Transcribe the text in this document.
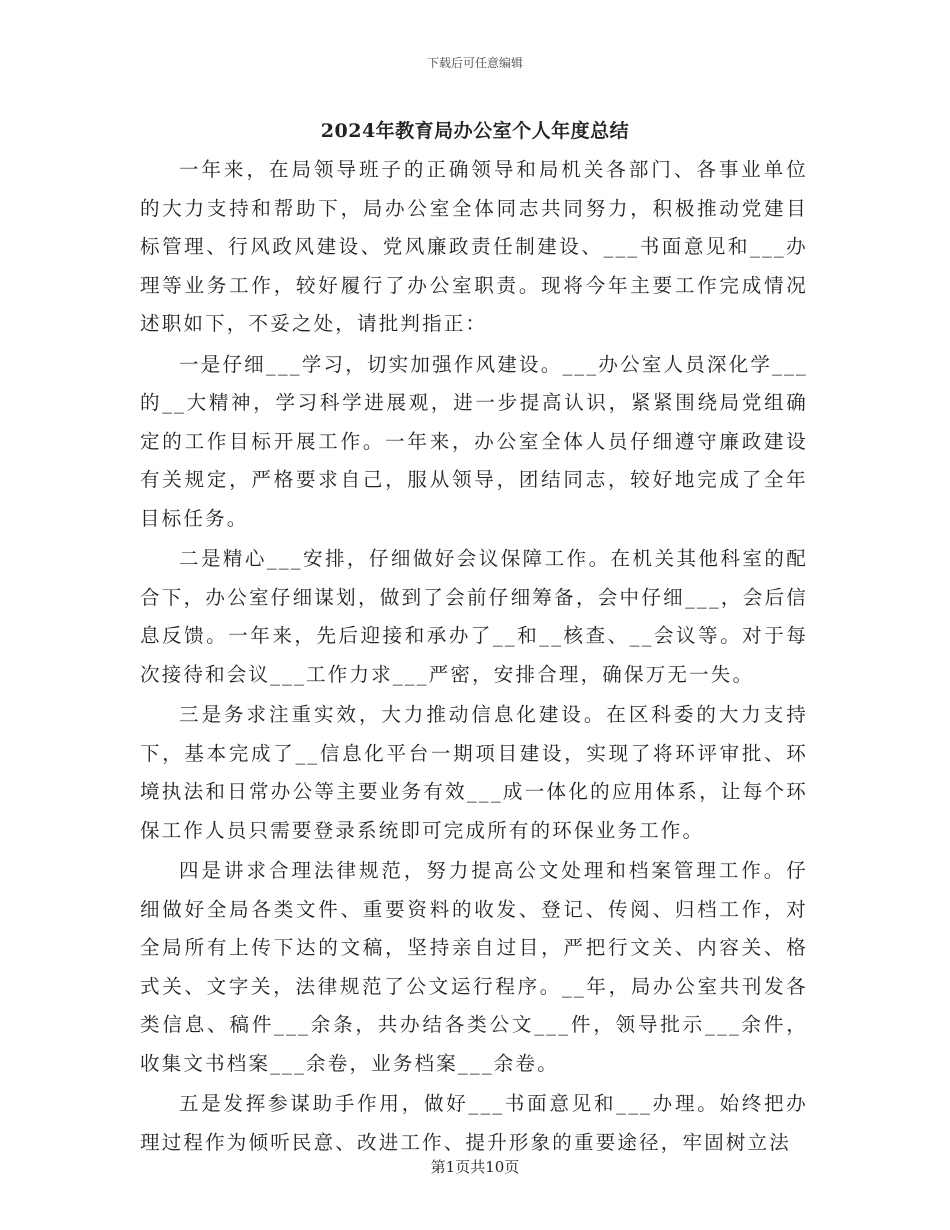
下载后可任意编辑
2024年教育局办公室个人年度总结

一年来，在局领导班子的正确领导和局机关各部门、各事业单位的大力支持和帮助下，局办公室全体同志共同努力，积极推动党建目标管理、行风政风建设、党风廉政责任制建设、___书面意见和___办理等业务工作，较好履行了办公室职责。现将今年主要工作完成情况述职如下，不妥之处，请批判指正：

一是仔细___学习，切实加强作风建设。___办公室人员深化学___的__大精神，学习科学进展观，进一步提高认识，紧紧围绕局党组确定的工作目标开展工作。一年来，办公室全体人员仔细遵守廉政建设有关规定，严格要求自己，服从领导，团结同志，较好地完成了全年目标任务。

二是精心___安排，仔细做好会议保障工作。在机关其他科室的配合下，办公室仔细谋划，做到了会前仔细筹备，会中仔细___，会后信息反馈。一年来，先后迎接和承办了__和__核查、__会议等。对于每次接待和会议___工作力求___严密，安排合理，确保万无一失。

三是务求注重实效，大力推动信息化建设。在区科委的大力支持下，基本完成了__信息化平台一期项目建设，实现了将环评审批、环境执法和日常办公等主要业务有效___成一体化的应用体系，让每个环保工作人员只需要登录系统即可完成所有的环保业务工作。

四是讲求合理法律规范，努力提高公文处理和档案管理工作。仔细做好全局各类文件、重要资料的收发、登记、传阅、归档工作，对全局所有上传下达的文稿，坚持亲自过目，严把行文关、内容关、格式关、文字关，法律规范了公文运行程序。__年，局办公室共刊发各类信息、稿件___余条，共办结各类公文___件，领导批示___余件，收集文书档案___余卷，业务档案___余卷。

五是发挥参谋助手作用，做好___书面意见和___办理。始终把办理过程作为倾听民意、改进工作、提升形象的重要途径，牢固树立法

第1页共10页
